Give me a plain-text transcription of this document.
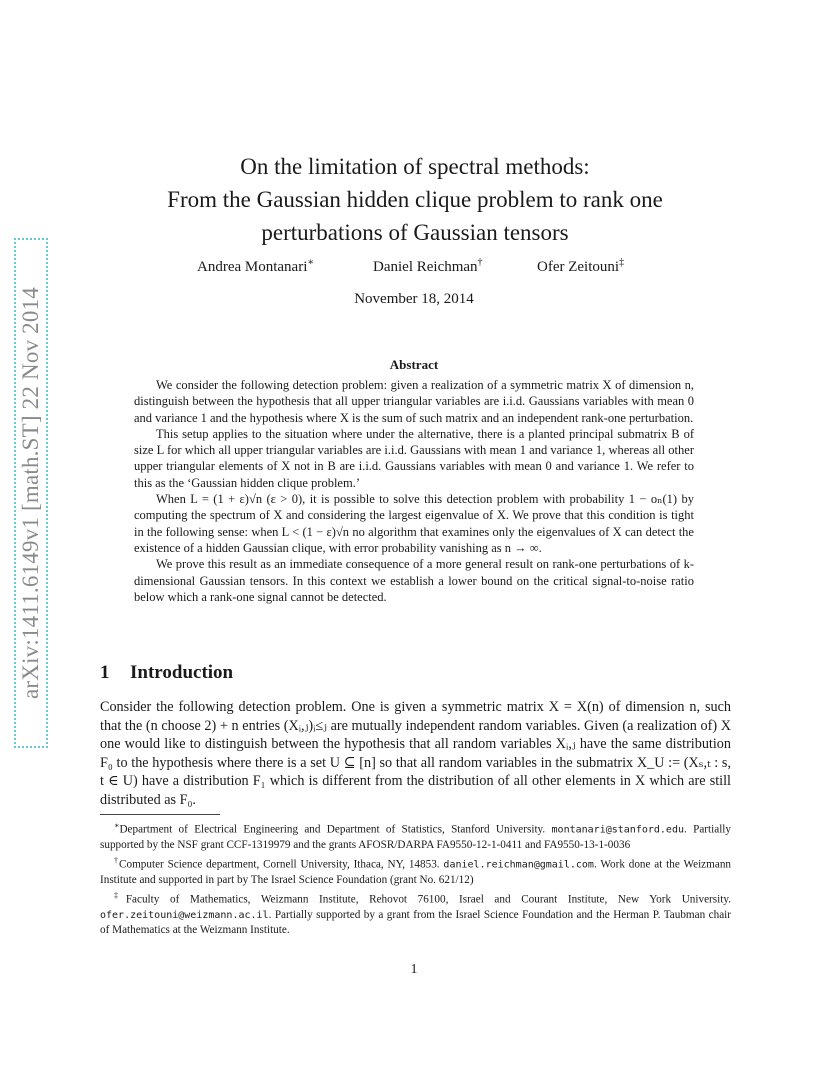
arXiv:1411.6149v1 [math.ST] 22 Nov 2014
On the limitation of spectral methods:
From the Gaussian hidden clique problem to rank one
perturbations of Gaussian tensors
Andrea Montanari∗	Daniel Reichman†	Ofer Zeitouni‡
November 18, 2014
Abstract

We consider the following detection problem: given a realization of a symmetric matrix X of dimension n, distinguish between the hypothesis that all upper triangular variables are i.i.d. Gaussians variables with mean 0 and variance 1 and the hypothesis where X is the sum of such matrix and an independent rank-one perturbation.

This setup applies to the situation where under the alternative, there is a planted principal submatrix B of size L for which all upper triangular variables are i.i.d. Gaussians with mean 1 and variance 1, whereas all other upper triangular elements of X not in B are i.i.d. Gaussians variables with mean 0 and variance 1. We refer to this as the ‘Gaussian hidden clique problem.’

When L = (1 + ε)√n (ε > 0), it is possible to solve this detection problem with probability 1 − oₙ(1) by computing the spectrum of X and considering the largest eigenvalue of X. We prove that this condition is tight in the following sense: when L < (1 − ε)√n no algorithm that examines only the eigenvalues of X can detect the existence of a hidden Gaussian clique, with error probability vanishing as n → ∞.

We prove this result as an immediate consequence of a more general result on rank-one perturbations of k-dimensional Gaussian tensors. In this context we establish a lower bound on the critical signal-to-noise ratio below which a rank-one signal cannot be detected.

1 Introduction

Consider the following detection problem. One is given a symmetric matrix X = X(n) of dimension n, such that the (n choose 2) + n entries (Xᵢ,ⱼ)ᵢ≤ⱼ are mutually independent random variables. Given (a realization of) X one would like to distinguish between the hypothesis that all random variables Xᵢ,ⱼ have the same distribution F₀ to the hypothesis where there is a set U ⊆ [n] so that all random variables in the submatrix X_U := (Xₛ,ₜ : s, t ∈ U) have a distribution F₁ which is different from the distribution of all other elements in X which are still distributed as F₀.

∗Department of Electrical Engineering and Department of Statistics, Stanford University. montanari@stanford.edu. Partially supported by the NSF grant CCF-1319979 and the grants AFOSR/DARPA FA9550-12-1-0411 and FA9550-13-1-0036

†Computer Science department, Cornell University, Ithaca, NY, 14853. daniel.reichman@gmail.com. Work done at the Weizmann Institute and supported in part by The Israel Science Foundation (grant No. 621/12)

‡Faculty of Mathematics, Weizmann Institute, Rehovot 76100, Israel and Courant Institute, New York University. ofer.zeitouni@weizmann.ac.il. Partially supported by a grant from the Israel Science Foundation and the Herman P. Taubman chair of Mathematics at the Weizmann Institute.

1
